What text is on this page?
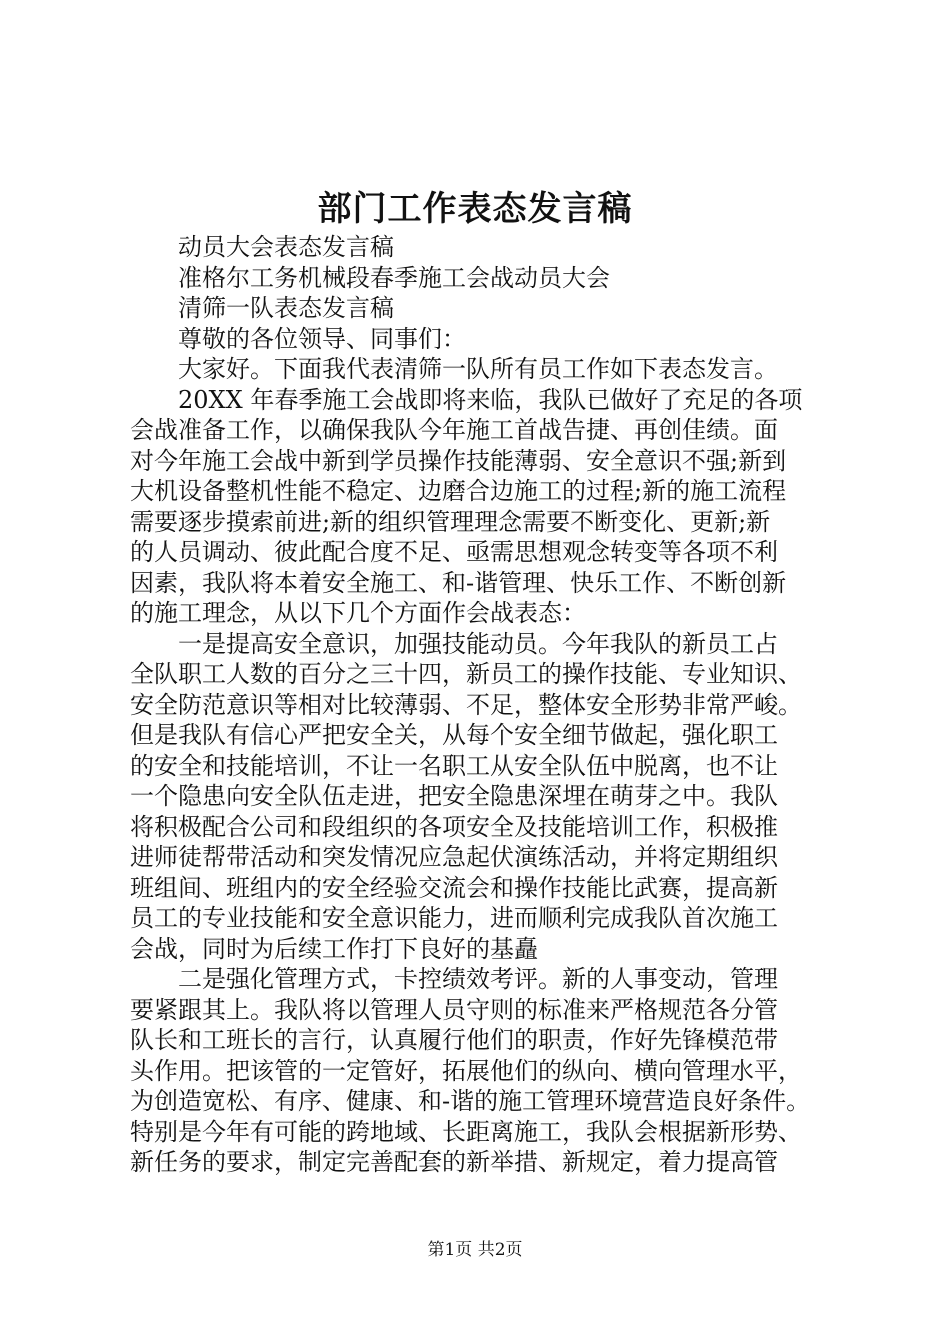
部门工作表态发言稿
动员大会表态发言稿
准格尔工务机械段春季施工会战动员大会
清筛一队表态发言稿
尊敬的各位领导、同事们：
大家好。下面我代表清筛一队所有员工作如下表态发言。
20XX 年春季施工会战即将来临，我队已做好了充足的各项
会战准备工作，以确保我队今年施工首战告捷、再创佳绩。面
对今年施工会战中新到学员操作技能薄弱、安全意识不强;新到
大机设备整机性能不稳定、边磨合边施工的过程;新的施工流程
需要逐步摸索前进;新的组织管理理念需要不断变化、更新;新
的人员调动、彼此配合度不足、亟需思想观念转变等各项不利
因素，我队将本着安全施工、和-谐管理、快乐工作、不断创新
的施工理念，从以下几个方面作会战表态：
一是提高安全意识，加强技能动员。今年我队的新员工占
全队职工人数的百分之三十四，新员工的操作技能、专业知识、
安全防范意识等相对比较薄弱、不足，整体安全形势非常严峻。
但是我队有信心严把安全关，从每个安全细节做起，强化职工
的安全和技能培训，不让一名职工从安全队伍中脱离，也不让
一个隐患向安全队伍走进，把安全隐患深埋在萌芽之中。我队
将积极配合公司和段组织的各项安全及技能培训工作，积极推
进师徒帮带活动和突发情况应急起伏演练活动，并将定期组织
班组间、班组内的安全经验交流会和操作技能比武赛，提高新
员工的专业技能和安全意识能力，进而顺利完成我队首次施工
会战，同时为后续工作打下良好的基矗
二是强化管理方式，卡控绩效考评。新的人事变动，管理
要紧跟其上。我队将以管理人员守则的标准来严格规范各分管
队长和工班长的言行，认真履行他们的职责，作好先锋模范带
头作用。把该管的一定管好，拓展他们的纵向、横向管理水平，
为创造宽松、有序、健康、和-谐的施工管理环境营造良好条件。
特别是今年有可能的跨地域、长距离施工，我队会根据新形势、
新任务的要求，制定完善配套的新举措、新规定，着力提高管
第1页 共2页
